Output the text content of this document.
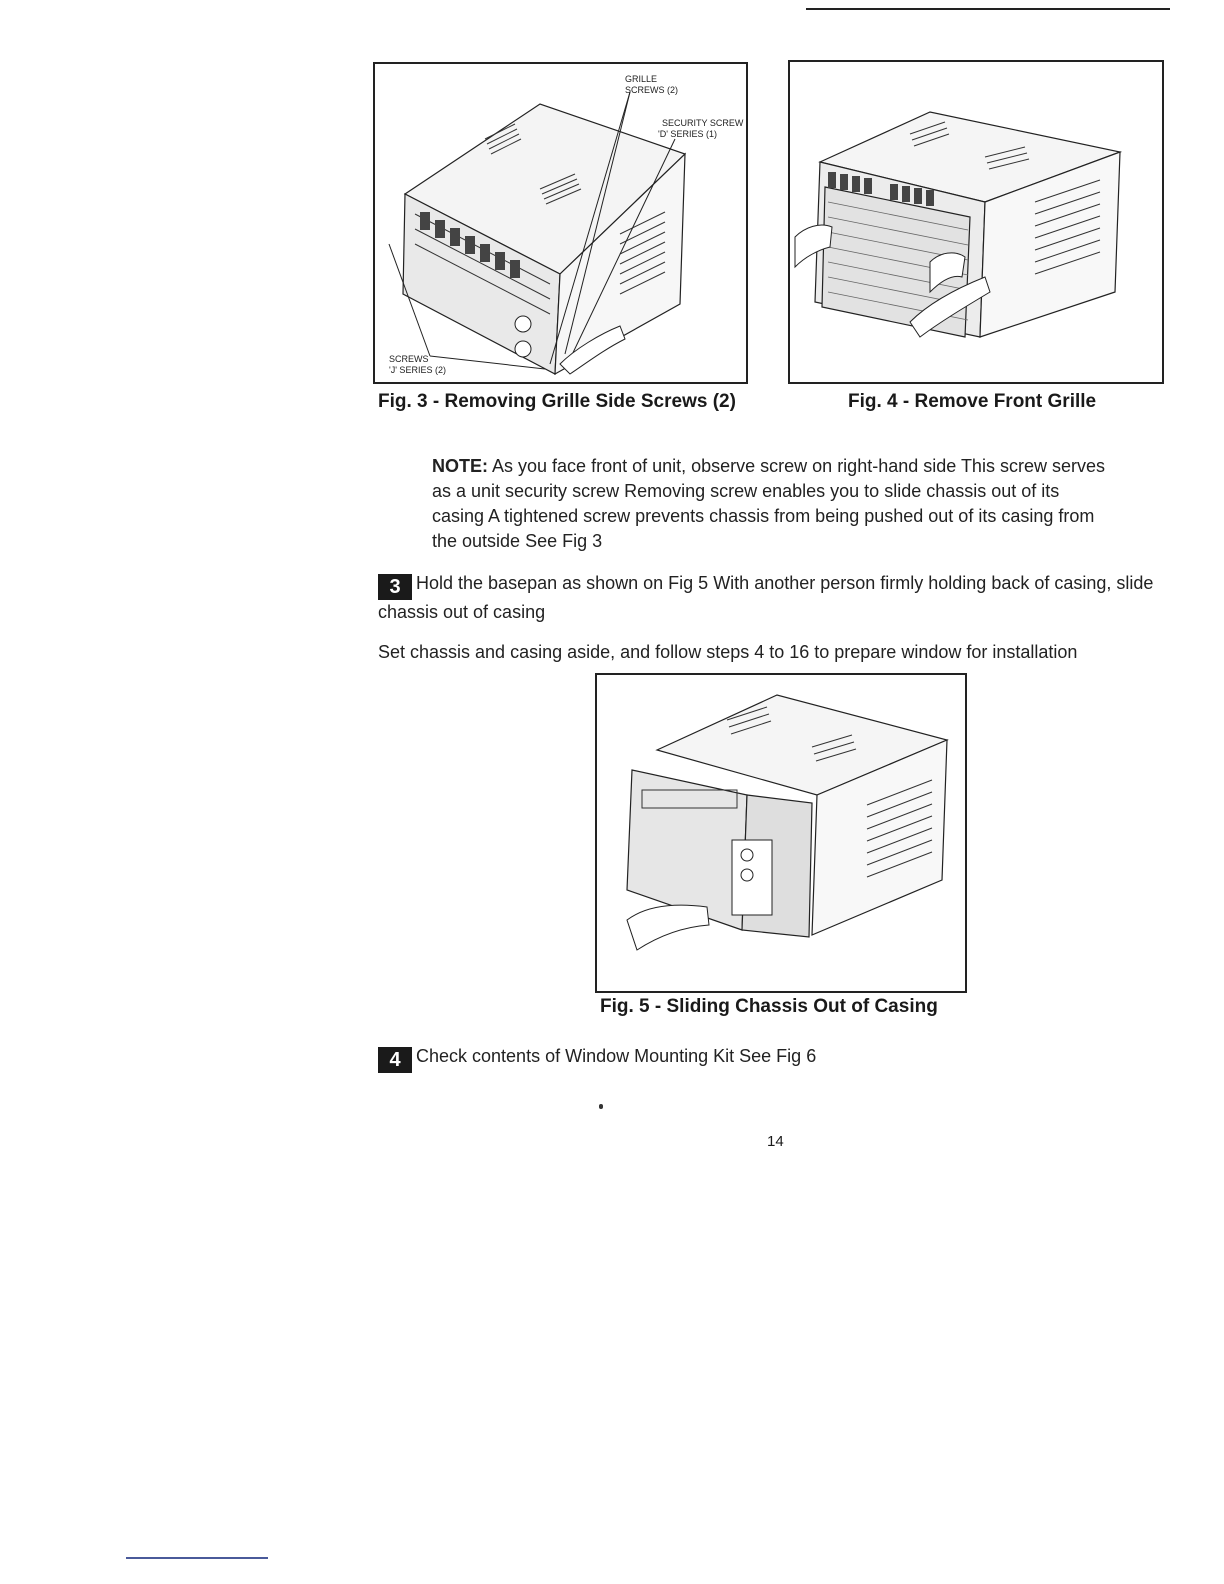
GRILLE
SCREWS (2)
SECURITY SCREW
'D' SERIES (1)
SCREWS
'J' SERIES (2)
Fig. 3 - Removing Grille Side Screws (2)	Fig. 4 - Remove Front Grille
NOTE: As you face front of unit, observe screw on right-hand side This screw serves as a unit security screw Removing screw enables you to slide chassis out of its casing A tightened screw prevents chassis from being pushed out of its casing from the outside See Fig 3
3 Hold the basepan as shown on Fig 5 With another person firmly holding back of casing, slide chassis out of casing
Set chassis and casing aside, and follow steps 4 to 16 to prepare window for installation
Fig. 5 - Sliding Chassis Out of Casing
4 Check contents of Window Mounting Kit See Fig 6
14
